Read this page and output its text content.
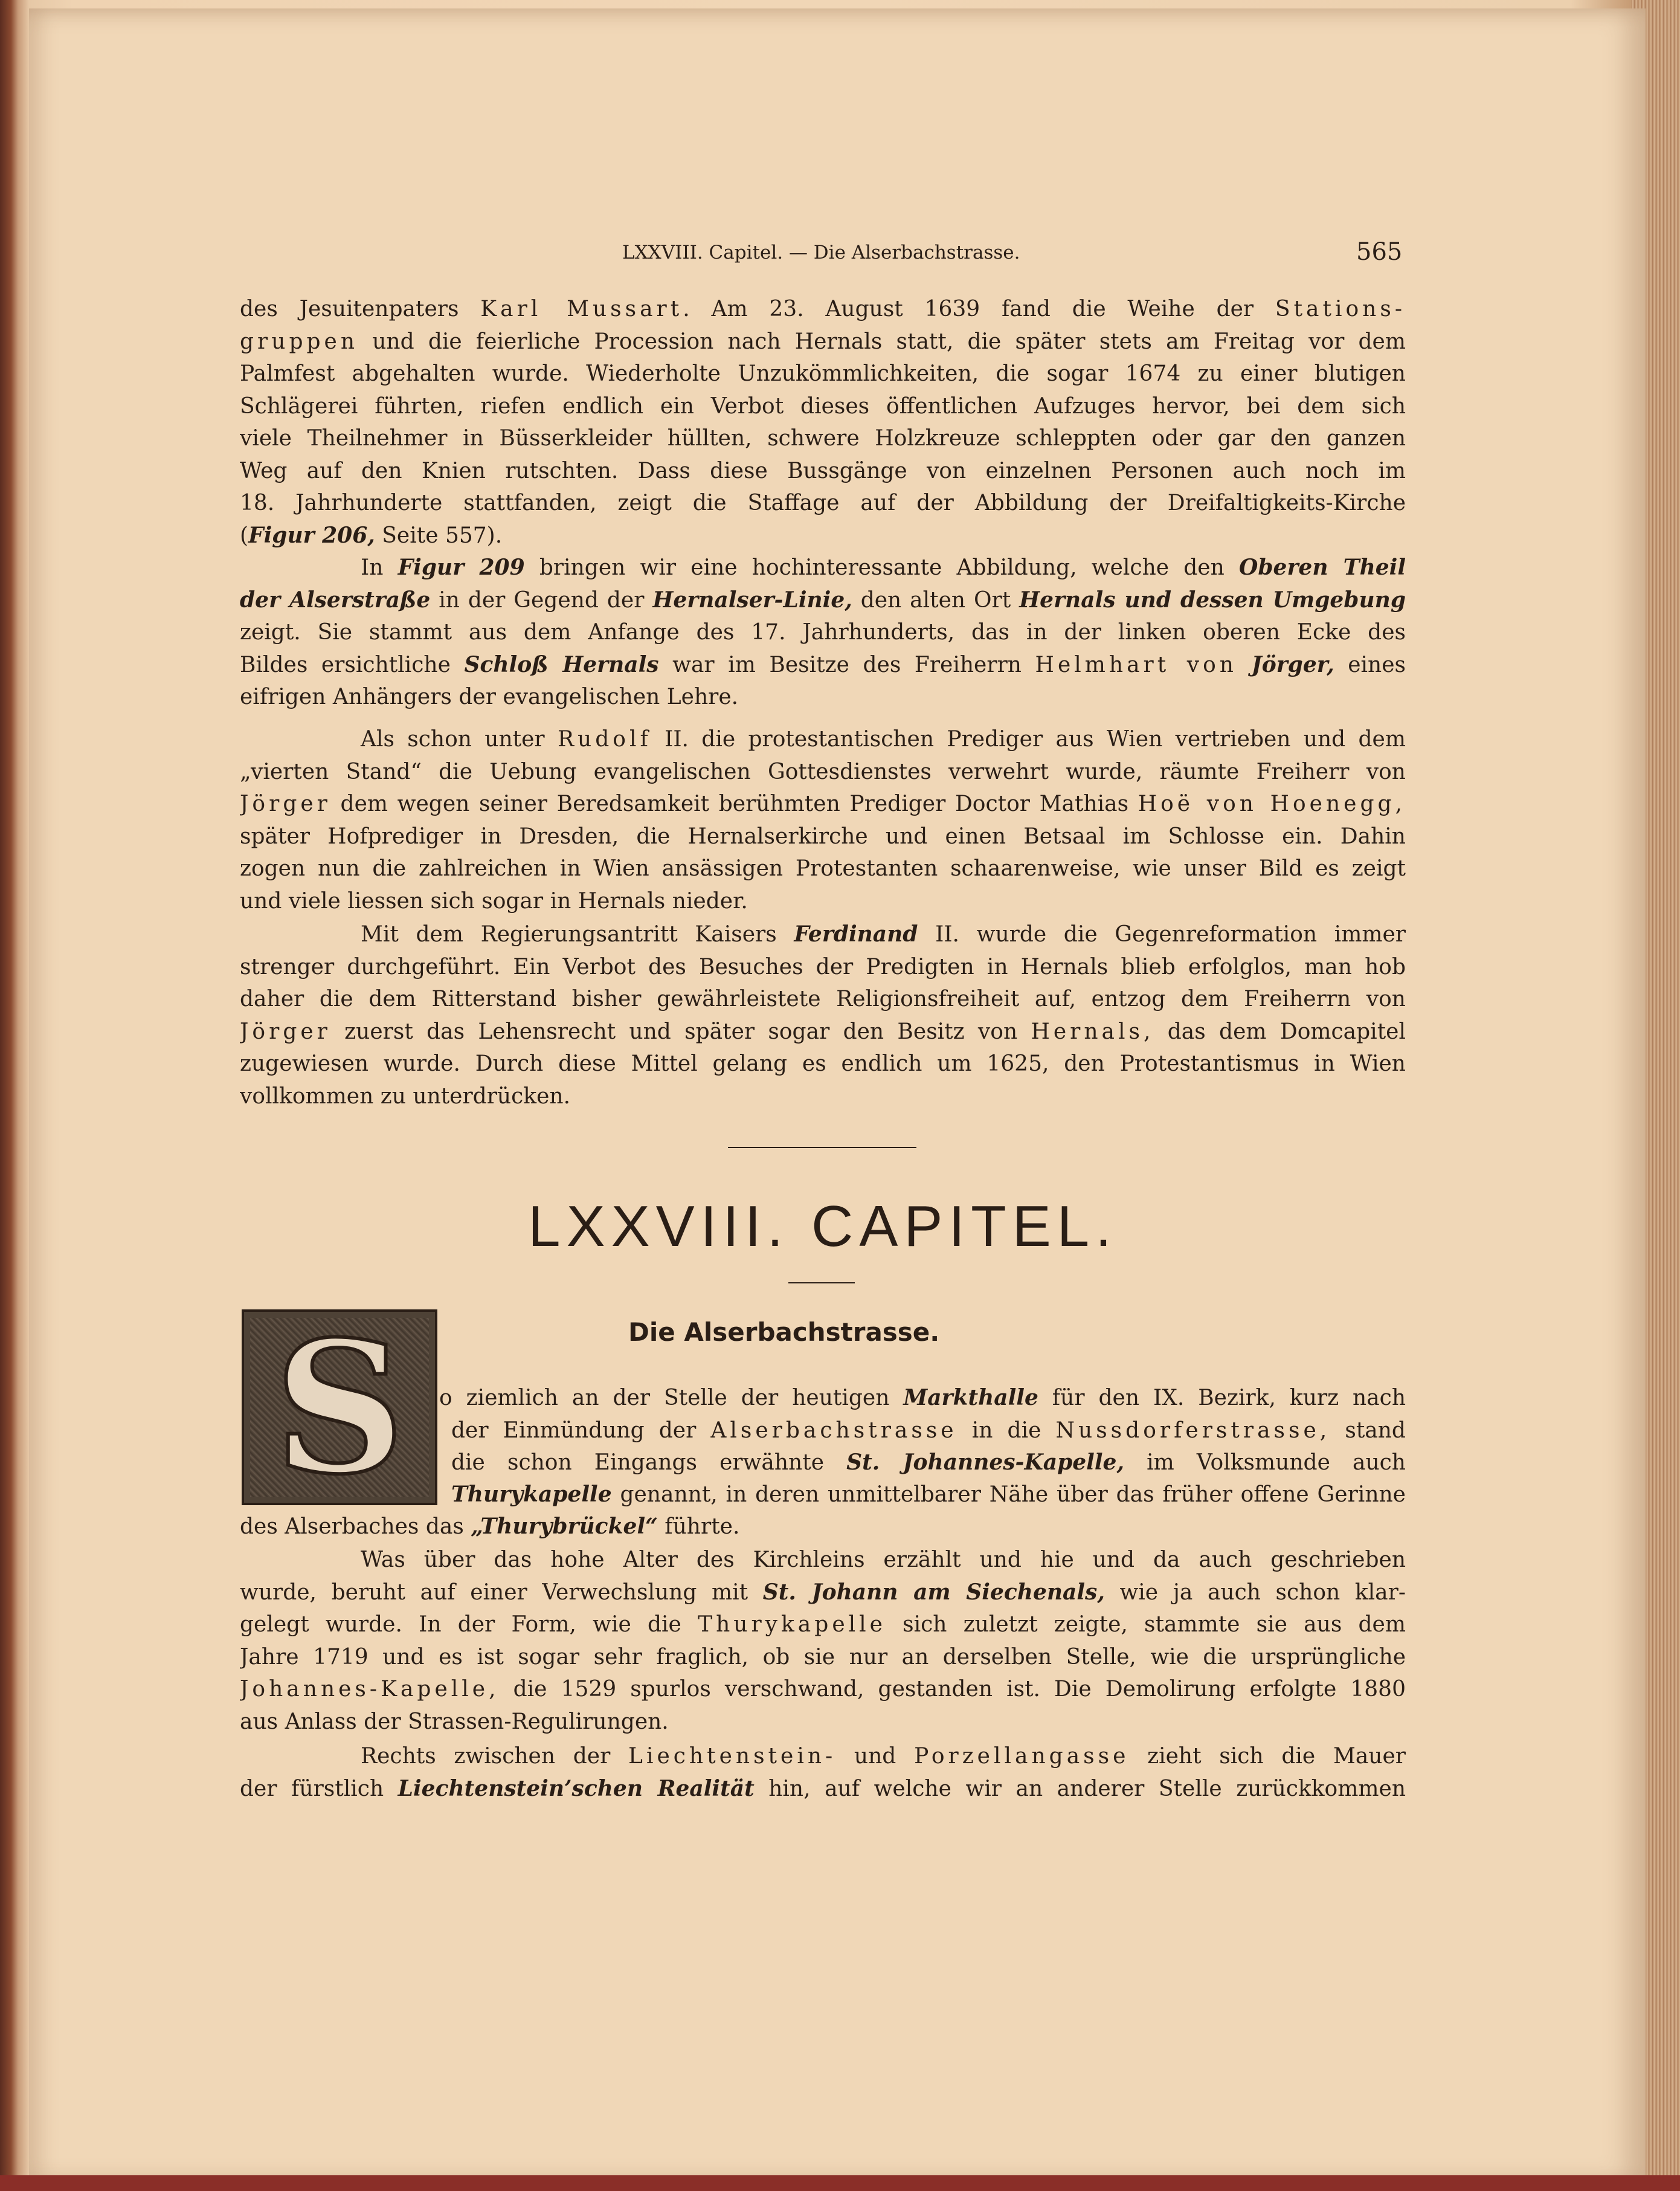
LXXVIII. Capitel. — Die Alserbachstrasse.	565
des Jesuitenpaters Karl Mussart. Am 23. August 1639 fand die Weihe der Stations-
gruppen und die feierliche Procession nach Hernals statt, die später stets am Freitag vor dem
Palmfest abgehalten wurde. Wiederholte Unzukömmlichkeiten, die sogar 1674 zu einer blutigen
Schlägerei führten, riefen endlich ein Verbot dieses öffentlichen Aufzuges hervor, bei dem sich
viele Theilnehmer in Büsserkleider hüllten, schwere Holzkreuze schleppten oder gar den ganzen
Weg auf den Knien rutschten. Dass diese Bussgänge von einzelnen Personen auch noch im
18. Jahrhunderte stattfanden, zeigt die Staffage auf der Abbildung der Dreifaltigkeits-Kirche
(Figur 206, Seite 557).
In Figur 209 bringen wir eine hochinteressante Abbildung, welche den Oberen Theil
der Alserstraße in der Gegend der Hernalser-Linie, den alten Ort Hernals und dessen Umgebung
zeigt. Sie stammt aus dem Anfange des 17. Jahrhunderts, das in der linken oberen Ecke des
Bildes ersichtliche Schloß Hernals war im Besitze des Freiherrn Helmhart von Jörger, eines
eifrigen Anhängers der evangelischen Lehre.
Als schon unter Rudolf II. die protestantischen Prediger aus Wien vertrieben und dem
„vierten Stand“ die Uebung evangelischen Gottesdienstes verwehrt wurde, räumte Freiherr von
Jörger dem wegen seiner Beredsamkeit berühmten Prediger Doctor Mathias Hoë von Hoenegg,
später Hofprediger in Dresden, die Hernalserkirche und einen Betsaal im Schlosse ein. Dahin
zogen nun die zahlreichen in Wien ansässigen Protestanten schaarenweise, wie unser Bild es zeigt
und viele liessen sich sogar in Hernals nieder.
Mit dem Regierungsantritt Kaisers Ferdinand II. wurde die Gegenreformation immer
strenger durchgeführt. Ein Verbot des Besuches der Predigten in Hernals blieb erfolglos, man hob
daher die dem Ritterstand bisher gewährleistete Religionsfreiheit auf, entzog dem Freiherrn von
Jörger zuerst das Lehensrecht und später sogar den Besitz von Hernals, das dem Domcapitel
zugewiesen wurde. Durch diese Mittel gelang es endlich um 1625, den Protestantismus in Wien
vollkommen zu unterdrücken.
LXXVIII. CAPITEL.
Die Alserbachstrasse.
S	o ziemlich an der Stelle der heutigen Markthalle für den IX. Bezirk, kurz nach
der Einmündung der Alserbachstrasse in die Nussdorferstrasse, stand
die schon Eingangs erwähnte St. Johannes-Kapelle, im Volksmunde auch
Thurykapelle genannt, in deren unmittelbarer Nähe über das früher offene Gerinne
des Alserbaches das „Thurybrückel“ führte.
Was über das hohe Alter des Kirchleins erzählt und hie und da auch geschrieben
wurde, beruht auf einer Verwechslung mit St. Johann am Siechenals, wie ja auch schon klar-
gelegt wurde. In der Form, wie die Thurykapelle sich zuletzt zeigte, stammte sie aus dem
Jahre 1719 und es ist sogar sehr fraglich, ob sie nur an derselben Stelle, wie die ursprüngliche
Johannes-Kapelle, die 1529 spurlos verschwand, gestanden ist. Die Demolirung erfolgte 1880
aus Anlass der Strassen-Regulirungen.
Rechts zwischen der Liechtenstein- und Porzellangasse zieht sich die Mauer
der fürstlich Liechtenstein’schen Realität hin, auf welche wir an anderer Stelle zurückkommen
